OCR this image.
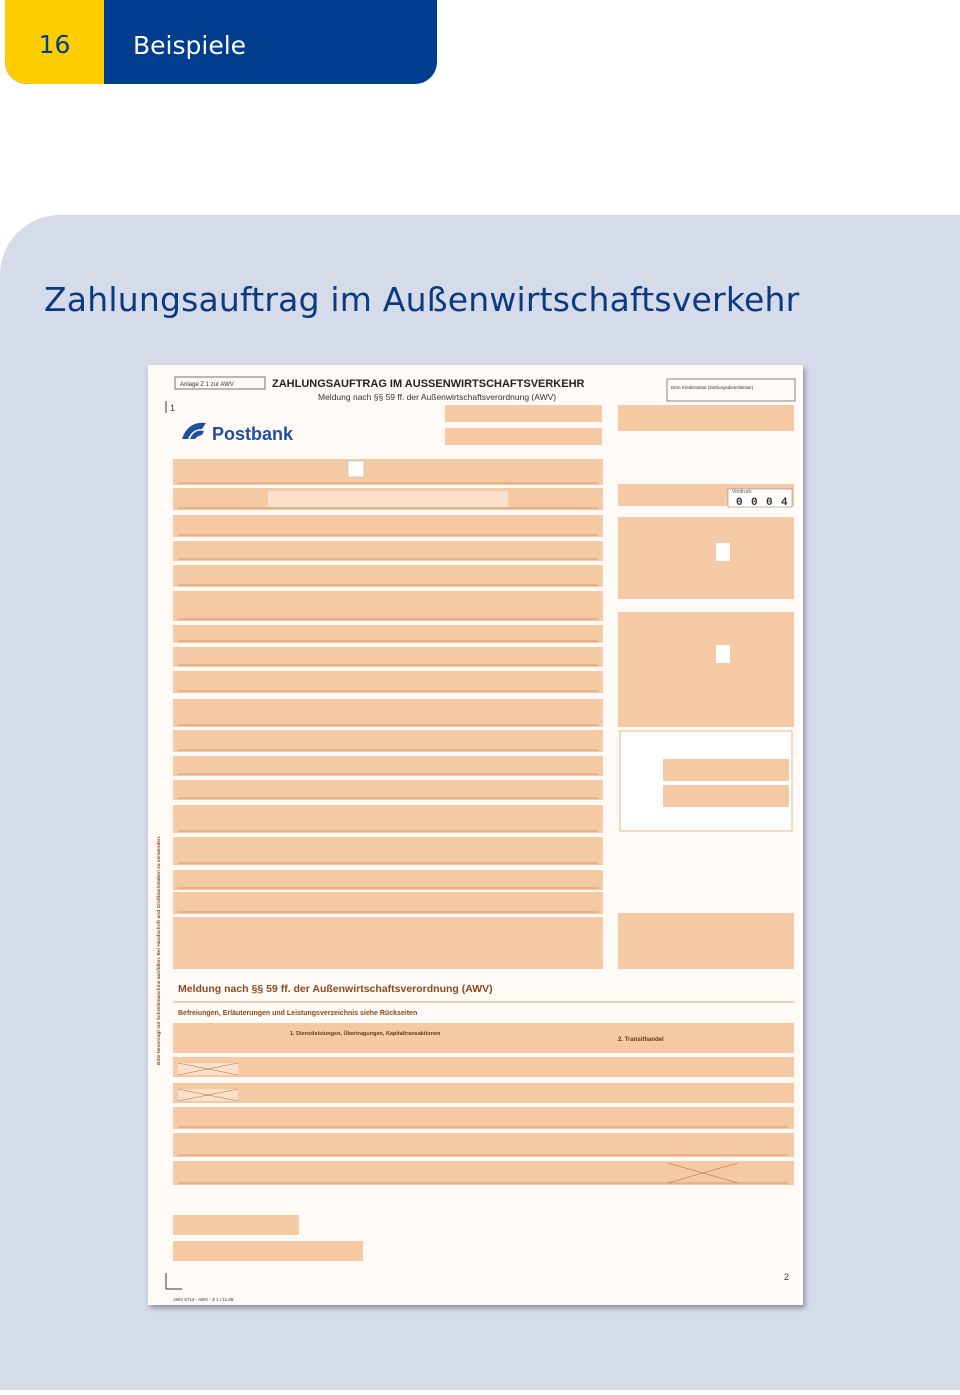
16	Beispiele
Zahlungsauftrag im Außenwirtschaftsverkehr
Anlage Z 1 zur AWV	ZAHLUNGSAUFTRAG IM AUSSENWIRTSCHAFTSVERKEHR
Meldung nach §§ 59 ff. der Außenwirtschaftsverordnung (AWV)
Dem Kreditinstitut (Zahlungsdienstleister)
1
Postbank
Vordruck
0 0 0 4
Meldung nach §§ 59 ff. der Außenwirtschaftsverordnung (AWV)
Befreiungen, Erläuterungen und Leistungsverzeichnis siehe Rückseiten
1. Dienstleistungen, Übertragungen, Kapitaltransaktionen
2. Transithandel
2
AWV 6714 - AWV - Z 1 I 11.09
Bitte bevorzugt mit Schreibmaschine ausfüllen. Bei Handschrift und Großbuchstaben zu verwenden.
